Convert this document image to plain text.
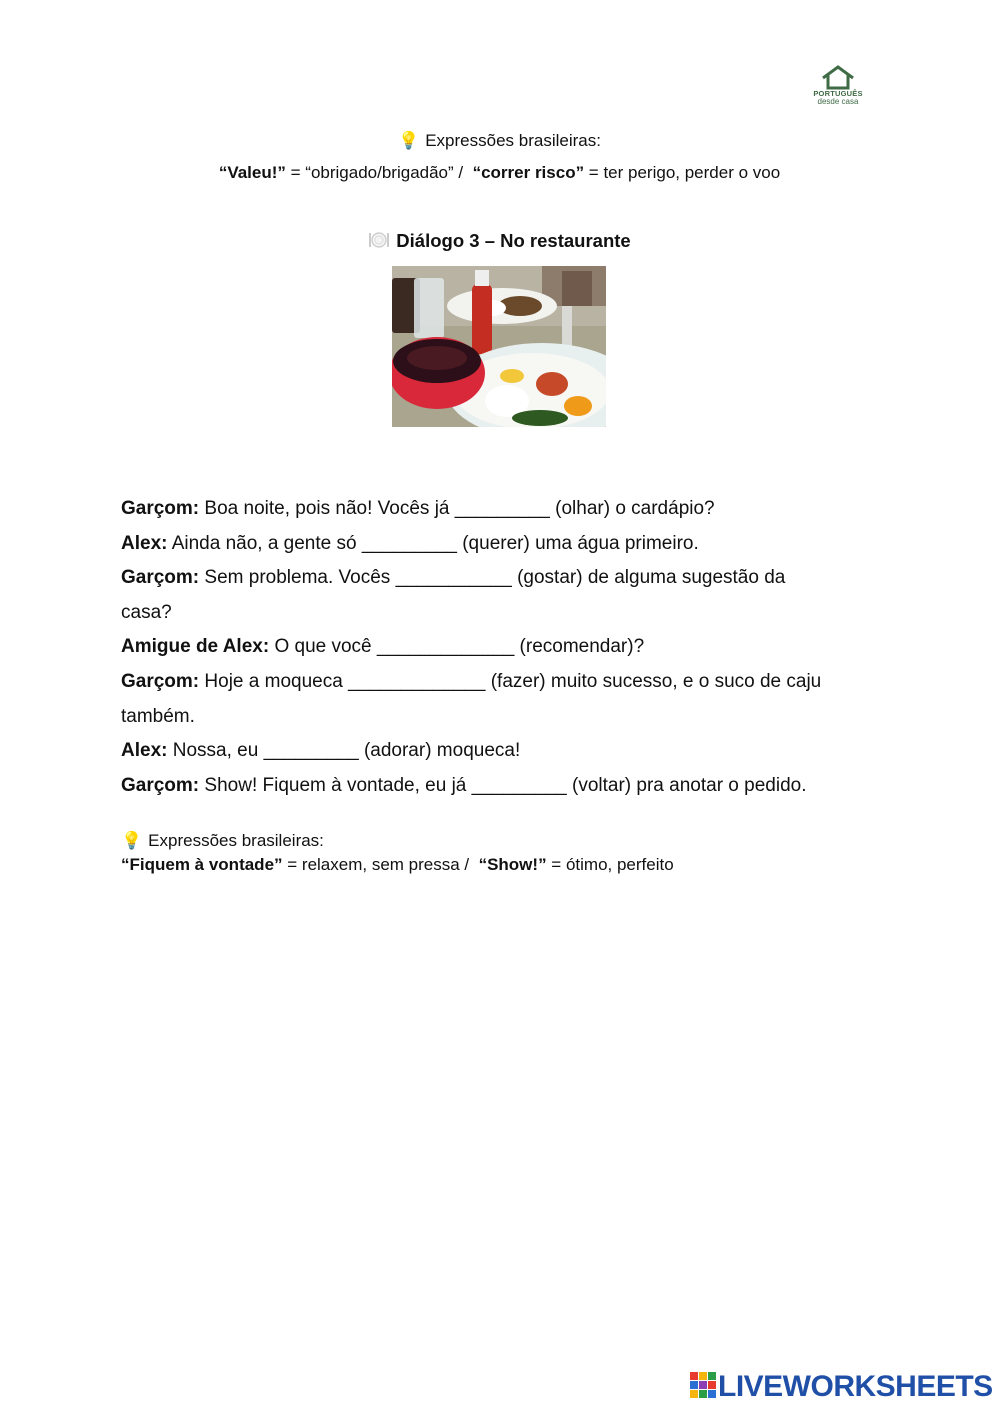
PORTUGUÊS
desde casa
💡 Expressões brasileiras:
“Valeu!” = “obrigado/brigadão” /  “correr risco” = ter perigo, perder o voo
Diálogo 3 – No restaurante
Garçom: Boa noite, pois não! Vocês já _________ (olhar) o cardápio?
Alex: Ainda não, a gente só _________ (querer) uma água primeiro.
Garçom: Sem problema. Vocês ___________ (gostar) de alguma sugestão da
casa?
Amigue de Alex: O que você _____________ (recomendar)?
Garçom: Hoje a moqueca _____________ (fazer) muito sucesso, e o suco de caju
também.
Alex: Nossa, eu _________ (adorar) moqueca!
Garçom: Show! Fiquem à vontade, eu já _________ (voltar) pra anotar o pedido.
💡 Expressões brasileiras:
“Fiquem à vontade” = relaxem, sem pressa /  “Show!” = ótimo, perfeito
LIVEWORKSHEETS
